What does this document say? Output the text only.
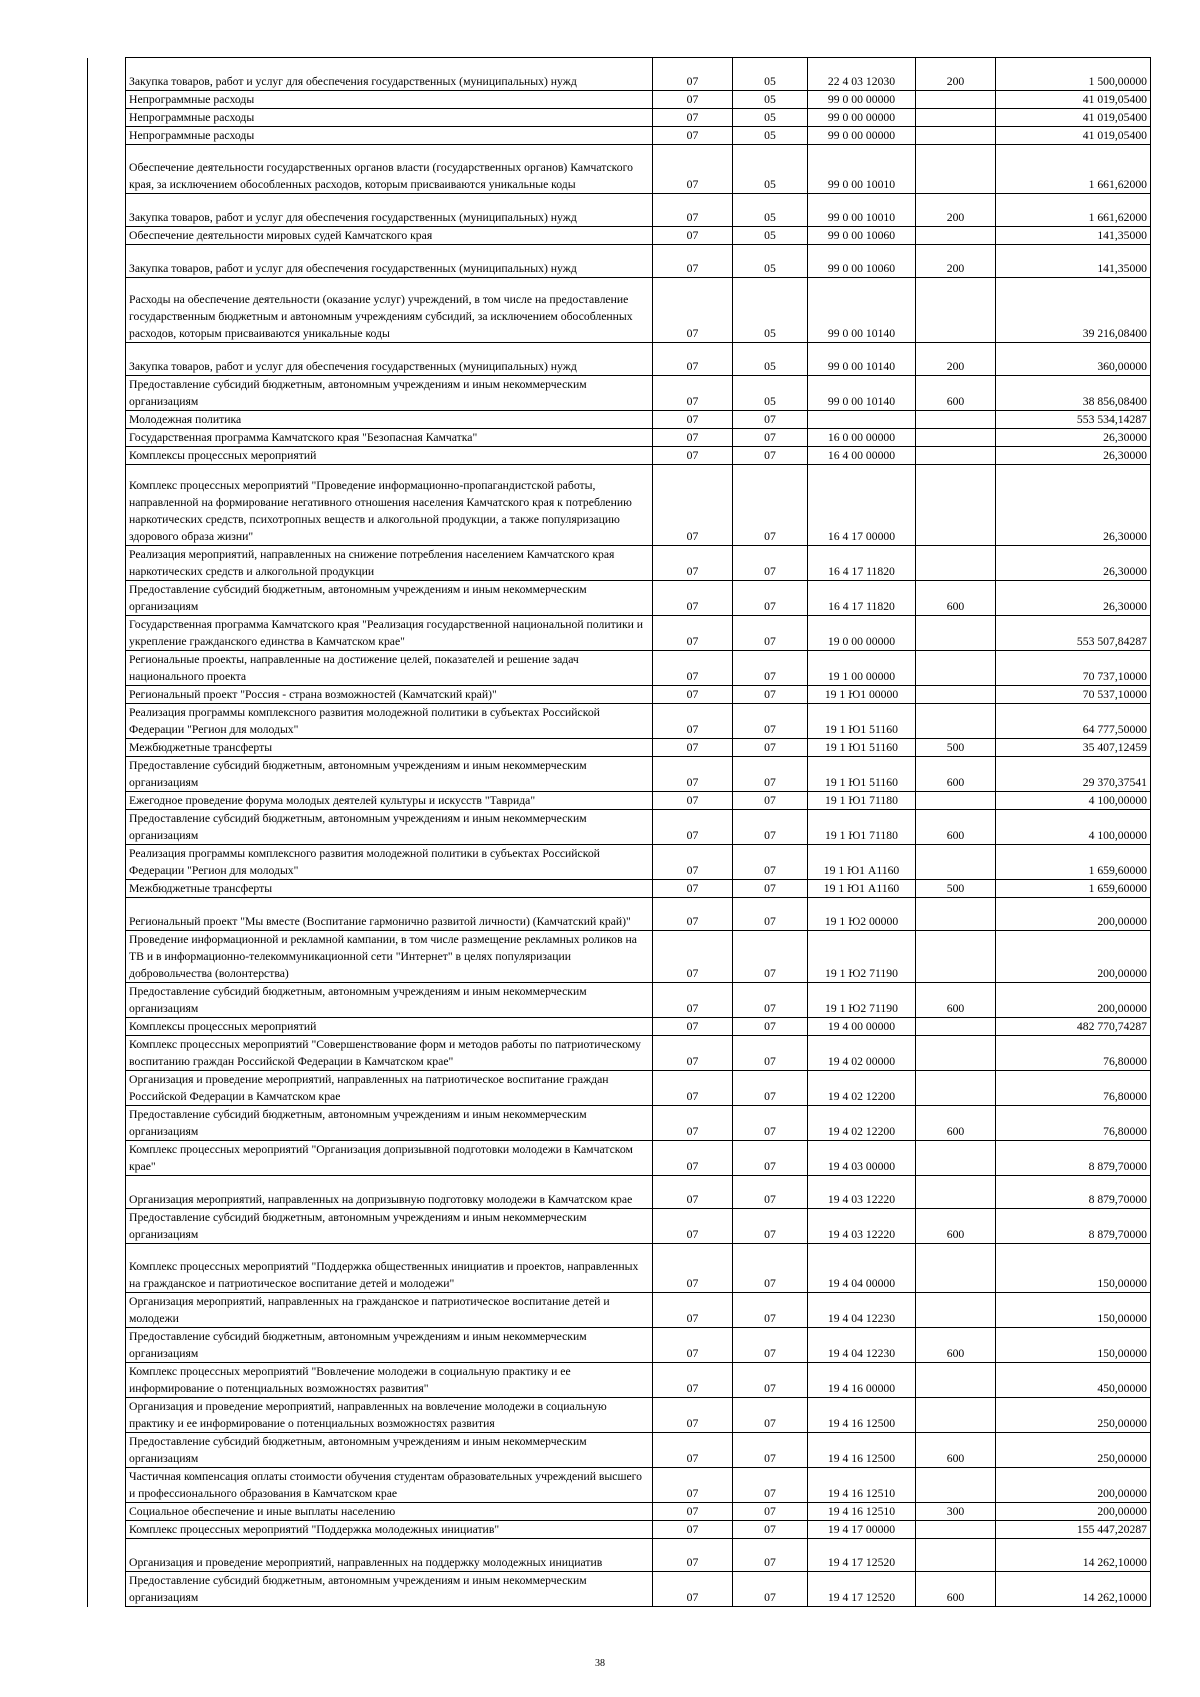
	Закупка товаров, работ и услуг для обеспечения государственных (муниципальных) нужд	07	05	22 4 03 12030	200	1 500,00000
	Непрограммные расходы	07	05	99 0 00 00000		41 019,05400
	Непрограммные расходы	07	05	99 0 00 00000		41 019,05400
	Непрограммные расходы	07	05	99 0 00 00000		41 019,05400
	Обеспечение деятельности государственных органов власти (государственных органов) Камчатского края, за исключением обособленных расходов, которым присваиваются уникальные коды	07	05	99 0 00 10010		1 661,62000
	Закупка товаров, работ и услуг для обеспечения государственных (муниципальных) нужд	07	05	99 0 00 10010	200	1 661,62000
	Обеспечение деятельности мировых судей Камчатского края	07	05	99 0 00 10060		141,35000
	Закупка товаров, работ и услуг для обеспечения государственных (муниципальных) нужд	07	05	99 0 00 10060	200	141,35000
	Расходы на обеспечение деятельности (оказание услуг) учреждений, в том числе на предоставление государственным бюджетным и автономным учреждениям субсидий, за исключением обособленных расходов, которым присваиваются уникальные коды	07	05	99 0 00 10140		39 216,08400
	Закупка товаров, работ и услуг для обеспечения государственных (муниципальных) нужд	07	05	99 0 00 10140	200	360,00000
	Предоставление субсидий бюджетным, автономным учреждениям и иным некоммерческим организациям	07	05	99 0 00 10140	600	38 856,08400
	Молодежная политика	07	07			553 534,14287
	Государственная программа Камчатского края "Безопасная Камчатка"	07	07	16 0 00 00000		26,30000
	Комплексы процессных мероприятий	07	07	16 4 00 00000		26,30000
	Комплекс процессных мероприятий "Проведение информационно-пропагандистской работы, направленной на формирование негативного отношения населения Камчатского края к потреблению наркотических средств, психотропных веществ и алкогольной продукции, а также популяризацию здорового образа жизни"	07	07	16 4 17 00000		26,30000
	Реализация мероприятий, направленных на снижение потребления населением Камчатского края наркотических средств и алкогольной продукции	07	07	16 4 17 11820		26,30000
	Предоставление субсидий бюджетным, автономным учреждениям и иным некоммерческим организациям	07	07	16 4 17 11820	600	26,30000
	Государственная программа Камчатского края "Реализация государственной национальной политики и укрепление гражданского единства в Камчатском крае"	07	07	19 0 00 00000		553 507,84287
	Региональные проекты, направленные на достижение целей, показателей и решение задач национального проекта	07	07	19 1 00 00000		70 737,10000
	Региональный проект "Россия - страна возможностей (Камчатский край)"	07	07	19 1 Ю1 00000		70 537,10000
	Реализация программы комплексного развития молодежной политики в субъектах Российской Федерации "Регион для молодых"	07	07	19 1 Ю1 51160		64 777,50000
	Межбюджетные трансферты	07	07	19 1 Ю1 51160	500	35 407,12459
	Предоставление субсидий бюджетным, автономным учреждениям и иным некоммерческим организациям	07	07	19 1 Ю1 51160	600	29 370,37541
	Ежегодное проведение форума молодых деятелей культуры и искусств "Таврида"	07	07	19 1 Ю1 71180		4 100,00000
	Предоставление субсидий бюджетным, автономным учреждениям и иным некоммерческим организациям	07	07	19 1 Ю1 71180	600	4 100,00000
	Реализация программы комплексного развития молодежной политики в субъектах Российской Федерации "Регион для молодых"	07	07	19 1 Ю1 А1160		1 659,60000
	Межбюджетные трансферты	07	07	19 1 Ю1 А1160	500	1 659,60000
	Региональный проект "Мы вместе (Воспитание гармонично развитой личности) (Камчатский край)"	07	07	19 1 Ю2 00000		200,00000
	Проведение информационной и рекламной кампании, в том числе размещение рекламных роликов на ТВ и в информационно-телекоммуникационной сети "Интернет" в целях популяризации добровольчества (волонтерства)	07	07	19 1 Ю2 71190		200,00000
	Предоставление субсидий бюджетным, автономным учреждениям и иным некоммерческим организациям	07	07	19 1 Ю2 71190	600	200,00000
	Комплексы процессных мероприятий	07	07	19 4 00 00000		482 770,74287
	Комплекс процессных мероприятий "Совершенствование форм и методов работы по патриотическому воспитанию граждан Российской Федерации в Камчатском крае"	07	07	19 4 02 00000		76,80000
	Организация и проведение мероприятий, направленных на патриотическое воспитание граждан Российской Федерации в Камчатском крае	07	07	19 4 02 12200		76,80000
	Предоставление субсидий бюджетным, автономным учреждениям и иным некоммерческим организациям	07	07	19 4 02 12200	600	76,80000
	Комплекс процессных мероприятий "Организация допризывной подготовки молодежи в Камчатском крае"	07	07	19 4 03 00000		8 879,70000
	Организация мероприятий, направленных на допризывную подготовку молодежи в Камчатском крае	07	07	19 4 03 12220		8 879,70000
	Предоставление субсидий бюджетным, автономным учреждениям и иным некоммерческим организациям	07	07	19 4 03 12220	600	8 879,70000
	Комплекс процессных мероприятий "Поддержка общественных инициатив и проектов, направленных на гражданское и патриотическое воспитание детей и молодежи"	07	07	19 4 04 00000		150,00000
	Организация мероприятий, направленных на гражданское и патриотическое воспитание детей и молодежи	07	07	19 4 04 12230		150,00000
	Предоставление субсидий бюджетным, автономным учреждениям и иным некоммерческим организациям	07	07	19 4 04 12230	600	150,00000
	Комплекс процессных мероприятий "Вовлечение молодежи в социальную практику и ее информирование о потенциальных возможностях развития"	07	07	19 4 16 00000		450,00000
	Организация и проведение мероприятий, направленных на вовлечение молодежи в социальную практику и ее информирование о потенциальных возможностях развития	07	07	19 4 16 12500		250,00000
	Предоставление субсидий бюджетным, автономным учреждениям и иным некоммерческим организациям	07	07	19 4 16 12500	600	250,00000
	Частичная компенсация оплаты стоимости обучения студентам образовательных учреждений высшего и профессионального образования в Камчатском крае	07	07	19 4 16 12510		200,00000
	Социальное обеспечение и иные выплаты населению	07	07	19 4 16 12510	300	200,00000
	Комплекс процессных мероприятий "Поддержка молодежных инициатив"	07	07	19 4 17 00000		155 447,20287
	Организация и проведение мероприятий, направленных на поддержку молодежных инициатив	07	07	19 4 17 12520		14 262,10000
	Предоставление субсидий бюджетным, автономным учреждениям и иным некоммерческим организациям	07	07	19 4 17 12520	600	14 262,10000
38
